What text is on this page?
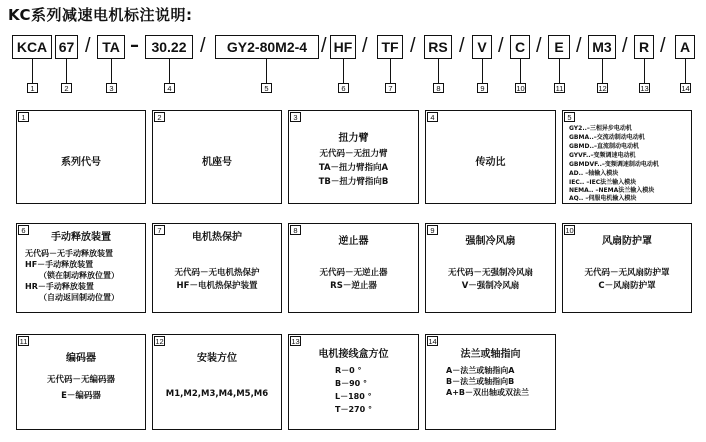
KC系列减速电机标注说明:
KCA 67 / TA – 30.22 /	GY2-80M2-4 / HF / TF / RS / V / C / E / M3 / R /	A
1	2	3	4	5	6	7	8	9	10	11	12	13	14
1
系列代号
2
机座号
3
扭力臂
无代码－无扭力臂
TA－扭力臂指向A
TB－扭力臂指向B
4
传动比
5
GY2..–三相异步电动机
GBMA..–交流动制动电动机
GBMD..–直流制动电动机
GYVF..–变频调速电动机
GBMDVF..–变频调速制动电动机
AD.. –轴输入模块
IEC.. –IEC法兰输入模块
NEMA.. –NEMA法兰输入模块
AQ.. –伺服电机输入模块
6
手动释放装置
无代码－无手动释放装置
HF－手动释放装置
（锁在制动释放位置）
HR－手动释放装置
（自动返回制动位置）
7
电机热保护
无代码－无电机热保护
HF－电机热保护装置
8
逆止器
无代码－无逆止器
RS－逆止器
9
强制冷风扇
无代码－无强制冷风扇
V－强制冷风扇
10
风扇防护罩
无代码－无风扇防护罩
C－风扇防护罩
11
编码器
无代码－无编码器
E－编码器
12
安装方位
M1,M2,M3,M4,M5,M6
13
电机接线盒方位
R－0 °
B－90 °
L－180 °
T－270 °
14
法兰或轴指向
A－法兰或轴指向A
B－法兰或轴指向B
A+B－双出轴或双法兰
